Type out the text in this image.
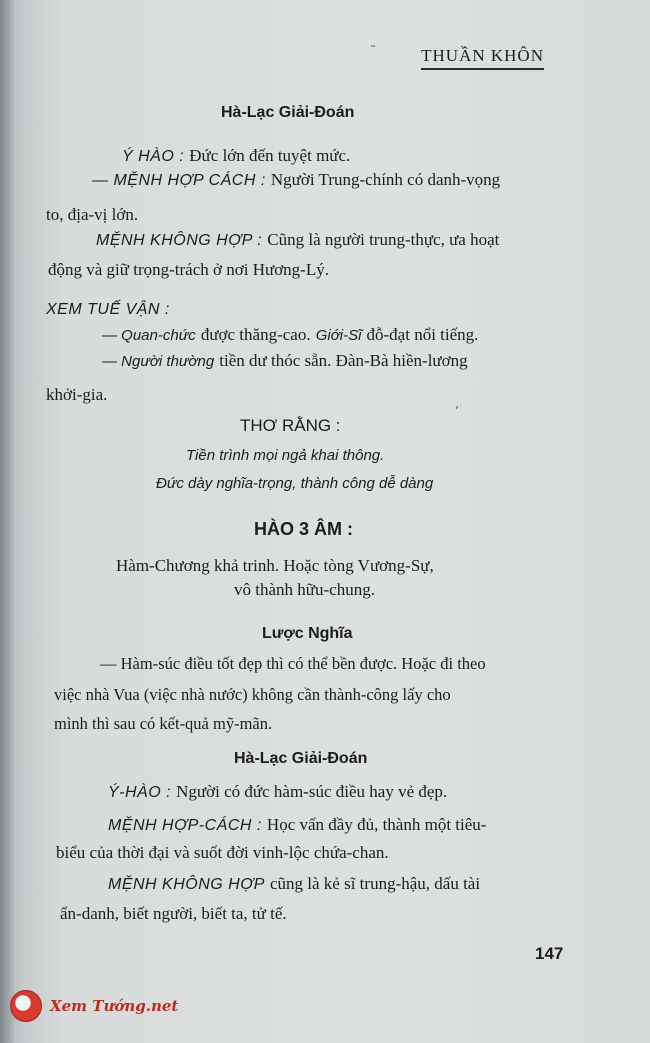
THUẦN KHÔN
Hà-Lạc Giải-Đoán
Ý HÀO : Đức lớn đến tuyệt mức.
— MỆNH HỢP CÁCH : Người Trung-chính có danh-vọng
to, địa-vị lớn.
MỆNH KHÔNG HỢP : Cũng là người trung-thực, ưa hoạt
động và giữ trọng-trách ở nơi Hương-Lý.
XEM TUẾ VẬN :
— Quan-chức được thăng-cao. Giới-Sĩ đỗ-đạt nổi tiếng.
— Người thường tiền dư thóc sẵn. Đàn-Bà hiền-lương
khởi-gia.
THƠ RẰNG :
Tiền trình mọi ngả khai thông.
Đức dày nghĩa-trọng, thành công dễ dàng
HÀO 3 ÂM :
Hàm-Chương khả trinh. Hoặc tòng Vương-Sự,
vô thành hữu-chung.
Lược Nghĩa
— Hàm-súc điều tốt đẹp thì có thể bền được. Hoặc đi theo
việc nhà Vua (việc nhà nước) không cần thành-công lấy cho
mình thì sau có kết-quả mỹ-mãn.
Hà-Lạc Giải-Đoán
Ý-HÀO : Người có đức hàm-súc điều hay vẻ đẹp.
MỆNH HỢP-CÁCH : Học vấn đầy đủ, thành một tiêu-
biểu của thời đại và suốt đời vinh-lộc chứa-chan.
MỆNH KHÔNG HỢP cũng là kẻ sĩ trung-hậu, dấu tài
ẩn-danh, biết người, biết ta, tử tế.
147
˜
’
Xem Tướng.net
